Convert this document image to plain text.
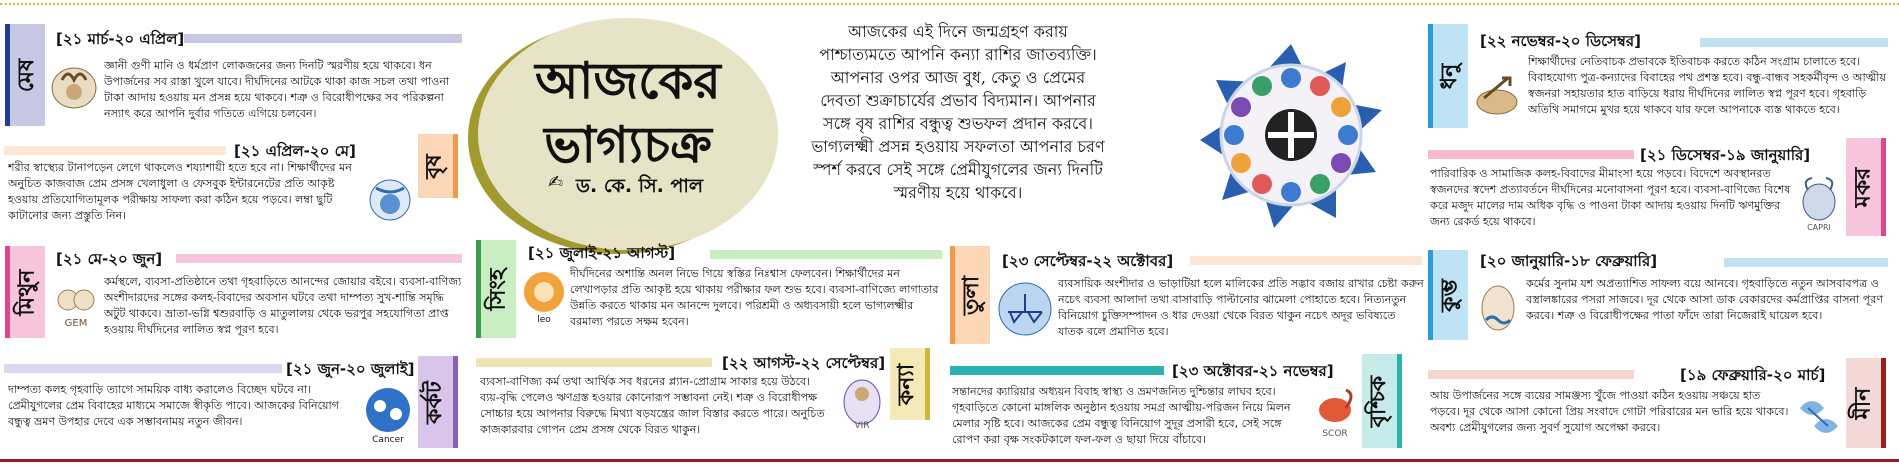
মেষ
[২১ মার্চ-২০ এপ্রিল]
জ্ঞানী গুণী মানি ও ধর্মপ্রাণ লোকজনের জন্য দিনটি স্মরণীয় হয়ে থাকবে। ধন উপার্জনের সব রাস্তা খুলে যাবে। দীর্ঘদিনের আটকে থাকা কাজ সচল তথা পাওনা টাকা আদায় হওয়ায় মন প্রসন্ন হয়ে থাকবে। শত্রু ও বিরোধীপক্ষের সব পরিকল্পনা নস্যাৎ করে আপনি দুর্বার গতিতে এগিয়ে চলবেন।
[২১ এপ্রিল-২০ মে]
বৃষ
শরীর স্বাস্থ্যের টানাপড়েন লেগে থাকলেও শয্যাশায়ী হতে হবে না। শিক্ষার্থীদের মন অনুচিত কাজবাজ প্রেম প্রসঙ্গ খেলাধুলা ও ফেসবুক ইন্টারনেটের প্রতি আকৃষ্ট হওয়ায় প্রতিযোগিতামূলক পরীক্ষায় সাফল্য করা কঠিন হয়ে পড়বে। লম্বা ছুটি কাটানোর জন্য প্রস্তুতি নিন।
মিথুন
[২১ মে-২০ জুন]
GEM
কর্মস্থলে, ব্যবসা-প্রতিষ্ঠানে তথা গৃহবাড়িতে আনন্দের জোয়ার বইবে। ব্যবসা-বাণিজ্য অংশীদারদের সঙ্গের কলহ-বিবাদের অবসান ঘটবে তথা দাম্পত্য সুখ-শান্তি সমৃদ্ধি অটুট থাকবে। ভ্রাতা-ভগ্নি শ্বশুরবাড়ি ও মাতুলালয় থেকে ভরপুর সহযোগিতা প্রাপ্ত হওয়ায় দীর্ঘদিনের লালিত স্বপ্ন পূরণ হবে।
[২১ জুন-২০ জুলাই]
কর্কট
দাম্পত্য কলহ গৃহবাড়ি ত্যাগে সাময়িক বাধ্য করালেও বিচ্ছেদ ঘটবে না। প্রেমীযুগলের প্রেম বিবাহের মাধ্যমে সমাজে স্বীকৃতি পাবে। আজকের বিনিয়োগ বন্ধুত্ব ভ্রমণ উপহার দেবে এক সম্ভাবনাময় নতুন জীবন।
Cancer
আজকের
ভাগ্যচক্র
✍ ড. কে. সি. পাল
আজকের এই দিনে জন্মগ্রহণ করায়
পাশ্চাত্যমতে আপনি কন্যা রাশির জাতব্যক্তি।
আপনার ওপর আজ বুধ, কেতু ও প্রেমের
দেবতা শুক্রাচার্যের প্রভাব বিদ্যমান। আপনার
সঙ্গে বৃষ রাশির বন্ধুত্ব শুভফল প্রদান করবে।
ভাগ্যলক্ষ্মী প্রসন্ন হওয়ায় সফলতা আপনার চরণ
স্পর্শ করবে সেই সঙ্গে প্রেমীযুগলের জন্য দিনটি
স্মরণীয় হয়ে থাকবে।
সিংহ
[২১ জুলাই-২১ আগস্ট]
leo
দীর্ঘদিনের অশান্তি অনল নিভে গিয়ে স্বস্তির নিঃশ্বাস ফেলবেন। শিক্ষার্থীদের মন লেখাপড়ার প্রতি আকৃষ্ট হয়ে থাকায় পরীক্ষার ফল শুভ হবে। ব্যবসা-বাণিজ্যে লাগাতার উন্নতি করতে থাকায় মন আনন্দে দুলবে। পরিশ্রমী ও অধ্যবসায়ী হলে ভাগ্যলক্ষ্মীর বরমাল্য পরতে সক্ষম হবেন।
তুলা
[২৩ সেপ্টেম্বর-২২ অক্টোবর]
ব্যবসায়িক অংশীদার ও ভাড়াটিয়া হলে মালিকের প্রতি সদ্ভাব বজায় রাখার চেষ্টা করুন নচেৎ ব্যবসা আলাদা তথা বাসাবাড়ি পাল্টানোর ঝামেলা পোহাতে হবে। নিত্যনতুন বিনিয়োগ চুক্তিসম্পাদন ও ধার দেওয়া থেকে বিরত থাকুন নচেৎ অদূর ভবিষ্যতে যাতক বলে প্রমাণিত হবে।
[২২ আগস্ট-২২ সেপ্টেম্বর]
কন্যা
ব্যবসা-বাণিজ্য কর্ম তথা আর্থিক সব ধরনের প্ল্যান-প্রোগ্রাম সাকার হয়ে উঠবে। ব্যয়-বৃদ্ধি পেলেও ঋণগ্রস্ত হওয়ার কোনোরূপ সম্ভাবনা নেই। শত্রু ও বিরোধীপক্ষ সোচ্চার হয়ে আপনার বিরুদ্ধে মিথ্যা ষড়যন্ত্রের জাল বিস্তার করতে পারে। অনুচিত কাজকারবার গোপন প্রেম প্রসঙ্গ থেকে বিরত থাকুন।	VIR
[২৩ অক্টোবর-২১ নভেম্বর]
বৃশ্চিক
সন্তানদের ক্যারিয়ার অধ্যয়ন বিবাহ স্বাস্থ্য ও ভ্রমণজনিত দুশ্চিন্তার লাঘব হবে। গৃহবাড়িতে কোনো মাঙ্গলিক অনুষ্ঠান হওয়ায় সমগ্র আত্মীয়-পরিজন নিয়ে মিলন মেলার সৃষ্টি হবে। আজকের প্রেম বন্ধুত্ব বিনিয়োগ সুদূর প্রসারী হবে, সেই সঙ্গে রোপণ করা বৃক্ষ সংকটকালে ফল-ফল ও ছায়া দিয়ে বাঁচাবে।	SCOR
ধনু
[২২ নভেম্বর-২০ ডিসেম্বর]
শিক্ষার্থীদের নেতিবাচক প্রভাবকে ইতিবাচক করতে কঠিন সংগ্রাম চালাতে হবে। বিবাহযোগ্য পুত্র-কন্যাদের বিবাহের পথ প্রশস্ত হবে। বন্ধু-বান্ধব সহকর্মীবৃন্দ ও আত্মীয় স্বজনরা সহায়তার হাত বাড়িয়ে ধরায় দীর্ঘদিনের লালিত স্বপ্ন পূরণ হবে। গৃহবাড়ি অতিথি সমাগমে মুখর হয়ে থাকবে যার ফলে আপনাকে ব্যস্ত থাকতে হবে।
[২১ ডিসেম্বর-১৯ জানুয়ারি]
মকর
পারিবারিক ও সামাজিক কলহ-বিবাদের মীমাংসা হয়ে পড়বে। বিদেশে অবস্থানরত স্বজনদের স্বদেশ প্রত্যাবর্তনে দীর্ঘদিনের মনোবাসনা পূরণ হবে। ব্যবসা-বাণিজ্যে বিশেষ করে মজুদ মালের দাম অধিক বৃদ্ধি ও পাওনা টাকা আদায় হওয়ায় দিনটি ঋণমুক্তির জন্য রেকর্ড হয়ে থাকবে।	CAPRI
কুম্ভ
[২০ জানুয়ারি-১৮ ফেব্রুয়ারি]
কর্মের সুনাম যশ অপ্রত্যাশিত সাফল্য বয়ে আনবে। গৃহবাড়িতে নতুন আসবাবপত্র ও বস্ত্রালঙ্কারের পসরা সাজবে। দূর থেকে আসা ডাক বেকারদের কর্মপ্রাপ্তির বাসনা পূরণ করবে। শত্রু ও বিরোধীপক্ষের পাতা ফাঁদে তারা নিজেরাই ঘায়েল হবে।
[১৯ ফেব্রুয়ারি-২০ মার্চ]
মীন
আয় উপার্জনের সঙ্গে ব্যয়ের সামঞ্জস্য খুঁজে পাওয়া কঠিন হওয়ায় সঞ্চয়ে হাত পড়বে। দূর থেকে আসা কোনো প্রিয় সংবাদে গোটা পরিবারের মন ভারি হয়ে থাকবে। অবশ্য প্রেমীযুগলের জন্য সুবর্ণ সুযোগ অপেক্ষা করবে।
